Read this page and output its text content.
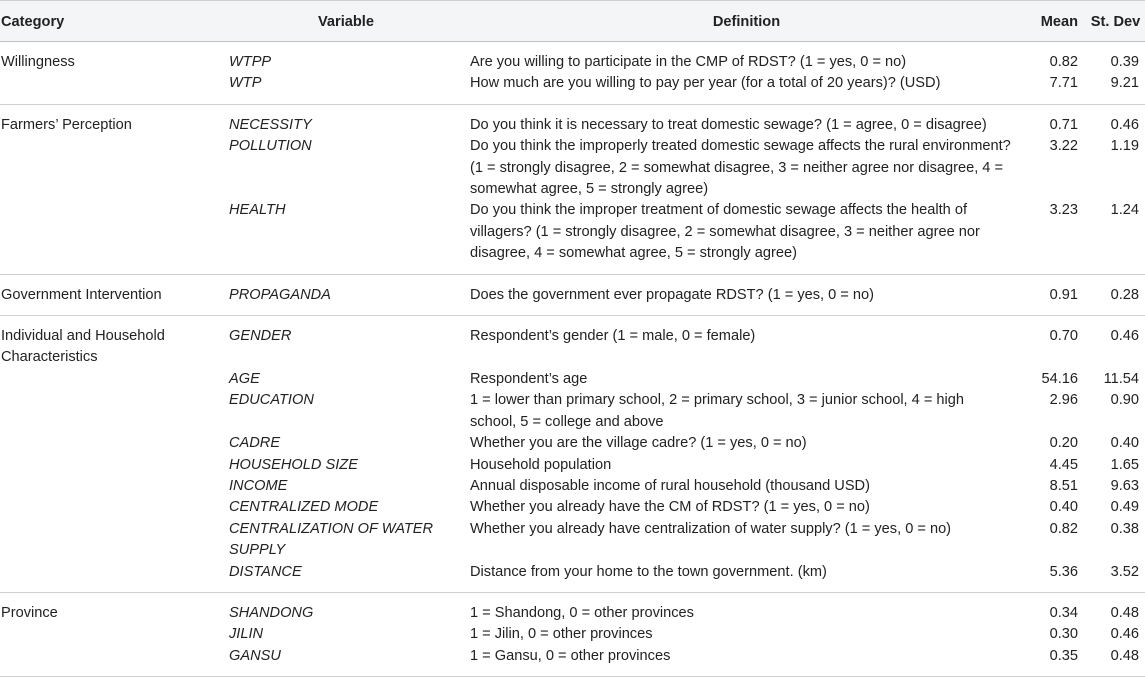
Category	Variable	Definition	Mean	St. Dev
Willingness	WTPP	Are you willing to participate in the CMP of RDST? (1 = yes, 0 = no)	0.82	0.39
	WTP	How much are you willing to pay per year (for a total of 20 years)? (USD)	7.71	9.21
Farmers’ Perception	NECESSITY	Do you think it is necessary to treat domestic sewage? (1 = agree, 0 = disagree)	0.71	0.46
	POLLUTION	Do you think the improperly treated domestic sewage affects the rural environment? (1 = strongly disagree, 2 = somewhat disagree, 3 = neither agree nor disagree, 4 = somewhat agree, 5 = strongly agree)	3.22	1.19
	HEALTH	Do you think the improper treatment of domestic sewage affects the health of villagers? (1 = strongly disagree, 2 = somewhat disagree, 3 = neither agree nor disagree, 4 = somewhat agree, 5 = strongly agree)	3.23	1.24
Government Intervention	PROPAGANDA	Does the government ever propagate RDST? (1 = yes, 0 = no)	0.91	0.28
Individual and Household Characteristics	GENDER	Respondent’s gender (1 = male, 0 = female)	0.70	0.46
	AGE	Respondent’s age	54.16	11.54
	EDUCATION	1 = lower than primary school, 2 = primary school, 3 = junior school, 4 = high school, 5 = college and above	2.96	0.90
	CADRE	Whether you are the village cadre? (1 = yes, 0 = no)	0.20	0.40
	HOUSEHOLD SIZE	Household population	4.45	1.65
	INCOME	Annual disposable income of rural household (thousand USD)	8.51	9.63
	CENTRALIZED MODE	Whether you already have the CM of RDST? (1 = yes, 0 = no)	0.40	0.49
	CENTRALIZATION OF WATER SUPPLY	Whether you already have centralization of water supply? (1 = yes, 0 = no)	0.82	0.38
	DISTANCE	Distance from your home to the town government. (km)	5.36	3.52
Province	SHANDONG	1 = Shandong, 0 = other provinces	0.34	0.48
	JILIN	1 = Jilin, 0 = other provinces	0.30	0.46
	GANSU	1 = Gansu, 0 = other provinces	0.35	0.48
